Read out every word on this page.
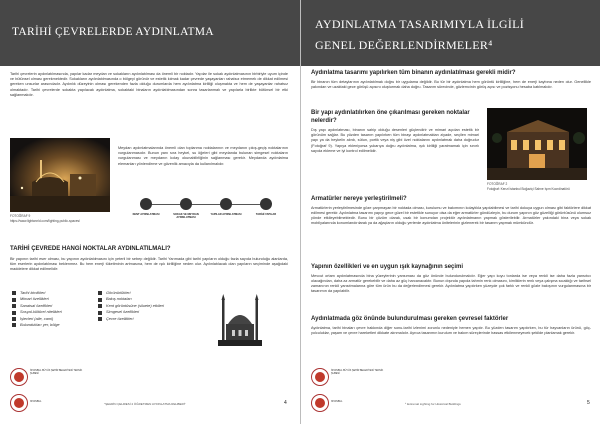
TARİHİ ÇEVRELERDE AYDINLATMA

Tarihi çevrelerin aydınlatılmasında, yapılar kadar meydan ve sokakların aydınlatılması da önemli bir noktadır. Yapılar ile sokak aydınlatmasının birbiriyle uyum içinde ve bütünsel olması gerekmektedir. Sokakların aydınlatılmasında o bölgeyi görünür ve estetik kılmak kadar çevrede yaşayanları rahatsız etmemek de dikkat edilmesi gereken unsurlar arasındadır. Aydınlık düzeyinin olması gerekenden fazla olduğu durumlarda hem aydınlatma kirliliği oluşmakta ve hem de yaşayanlar rahatsız olmaktadır. Tarihi çevrelerde sokakta yapılacak aydınlatma, sokaktaki binaların aydınlatılmasından sonra tasarlanmalı ve yapılarla birlikte bütünsel bir etki sağlanmalıdır.

FOTOĞRAF 9
https://www.lightworld.com/lighting-public-spaces/

Meydan aydınlatmalarında önemli olan toplanma noktalarının ve meydanın çıkış-geçiş noktalarının vurgulanmasıdır. Bunun yanı sıra heykel, su öğeleri gibi meydanda bulunan simgesel noktaların vurgulanması ve meydanın kolay okunabilirliğinin sağlanması gerekir. Meydanda aydınlatma elemanları yönlendirme ve güvenlik amacıyla da kullanılmalıdır.

KENT AYDINLATMASI	SOKAK VE MEYDAN AYDINLATMASI
YAPILAR AYDINLATMASI	TARİHİ YAPILAR
TARİHİ ÇEVREDE HANGİ NOKTALAR AYDINLATILMALI?

Bir yapının tarihi eser olması, bu yapının aydınlatılmasını için yeterli bir sebep değildir. Tarihi Yarımada gibi tarihi yapıların olduğu fazla sayıda bulunduğu alanlarda, tüm eserlerin aydınlatılması beklenmez. Bu hem enerji tüketiminin artmasına, hem de ışık kirliliğine neden olur. Aydınlatılacak olan yapıların seçiminde aşağıdaki maddelere dikkat edilmelidir:

Tarihi kimlikleri
Mimari özellikleri
Sanatsal özellikleri
Sosyal-kültürel nitelikleri
İşlevleri (aile, cami)
Bulundukları yer, bölge
Görünürlükleri
Bakış noktaları
Kent görüntüsüne (siluete) etkileri
Simgesel özellikleri
Çevre özellikleri
İSTANBUL BÜYÜK ŞEHİR BELEDİYESİ TEKNİK ŞUBESİ
ISTANBUL
"ŞEHRİN ÇEHRESİ 4 ÖĞRETMEN AYDINLATMA REHBERİ"	4
AYDINLATMA TASARIMIYLA İLGİLİ
GENEL DEĞERLENDİRMELER⁴
Aydınlatma tasarımı yapılırken tüm binanın aydınlatılması gerekli midir?

Bir binanın tüm detaylarının aydınlatılmak doğru bir uygulama değildir. Bu tür bir aydınlatma hem görüntü kirliliğine, hem de enerji kaybına neden olur. Genellikle yakından ve uzaktaki gece görüşü açısını oluşturmak daha doğru. Tasarım sürecinde, gözlemcinin görüş açısı ve pozisyonu hesaba katılmalıdır.

Bir yapı aydınlatılırken öne çıkarılması gereken noktalar nelerdir?

Dış yapı aydınlatması, binanın sahip olduğu desenleri güçlendirir ve mimari açıdan estetik bir görünüm sağlar. Bu yüzden tasarım yapılırken tüm binayı aydınlatmaktan ziyade, seçilen mimari yapı ya da heykelin alırdı, sütun, portik veya niş gibi özel noktalarını aydınlatmak daha doğrudur (Fotoğraf 9). Yapıya ekleniyorsa yukarıya doğru aydınlatma, ışık kirliliği yaratmamak için sınırlı sayıda ekleme ve iyi kontrol edilmelidir.

FOTOĞRAF 2
Fotoğraf: Kenzi İstanbul Boğaziçi Sahne Işım Koordinatörü
Armatürler nereye yerleştirilmeli?

Armatürlerin yerleştirilmesinde göze çarpmayan bir noktada olması, kurulumu ve bakımının kolaylıkla yapılabilmesi ve tarihi dokuya uygun olması gibi faktörlere dikkat edilmesi gerekir. Aydınlatma tasarımı yapıyı gece güzel bir estetikle sunuyor olsa da eğer armatürler gündüzleyin, bu durum yapının göz güzelliği görüntüsünü olumsuz yönde etkileyebilmektedir. Bunu bir çözüm olarak, usak bir konumdan projektör aydınlatmanın yapmak gösterilebilir. Armatürler yakındaki bina veya sokak mobilyalarında konumlandırılarak ya da ağaçların olduğu yerlerde aydınlatma ünitelerinin gizlenerek bir tasarım yapmak mümkündür.

Yapının özellikleri ve en uygun ışık kaynağının seçimi

Mevcut ortam aydınlatmasında bina yüzeylerinin yansıması da göz önünde bulundurulmalıdır. Eğer yapı koyu tonlarda ise veya renkli ise daha fazla yansıtıcı olacağından, daha az armatür gerekebilir ve daha az güç harcanacaktır. Bunun dışında yapıda tahmin renk olmasını, kimliklerin renk veya çalışma sıcaklığı ve tarihsel zamanının renkli yansıtmalarına göre tüm ürün bu da değerlendirmesi gerekir. Aydınlatma yapılırken yüzeyde çok farklı ve renkli gözle bakışının vurgulanmasına bir tasarımın da yapılabilir.

Aydınlatmada göz önünde bulundurulması gereken çevresel faktörler

Aydınlatma, tarihi binaları çevre hakkında diğer sonu-tarihi izlenimi zorunlu nedeniyle hemen yapılır. Bu yüzden tasarım yapılırken, bu tür hayvanların ürünü, göç-yolculuklar, yaşam ve çevre hareketleri dikkate alınmalıdır. Ayrıca tasarımın kurulum ve bakım süreçlerinde hassas etkilenmeyecek şekilde planlamak gerekir.

İSTANBUL BÜYÜK ŞEHİR BELEDİYESİ TEKNİK ŞUBESİ
ISTANBUL
⁴ Extremal Lighting for Historical Buildings	5
